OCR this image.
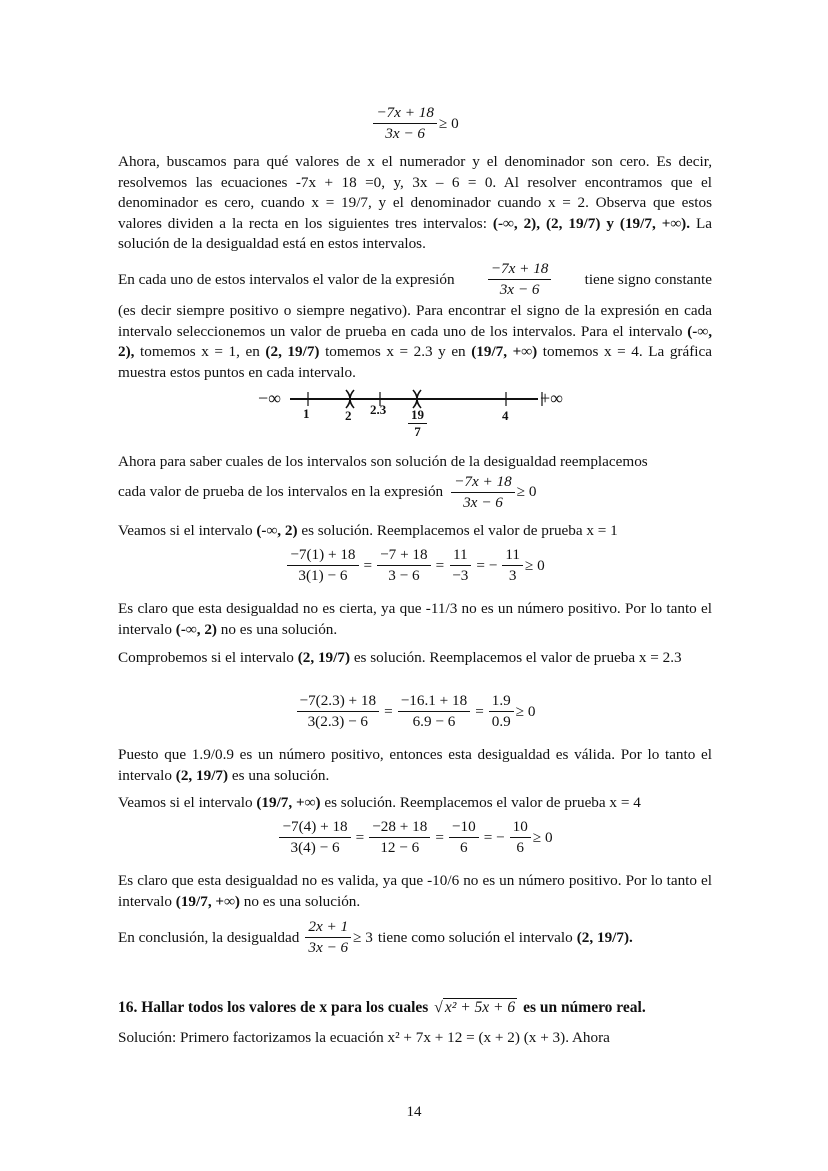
$\frac{-7x + 18}{3x - 6} \ge 0$

Ahora, buscamos para qué valores de x el numerador y el denominador son cero. Es decir, resolvemos las ecuaciones -7x + 18 =0, y, 3x – 6 = 0. Al resolver encontramos que el denominador es cero, cuando x = 19/7, y el denominador cuando x = 2. Observa que estos valores dividen a la recta en los siguientes tres intervalos: (-∞, 2), (2, 19/7) y (19/7, +∞). La solución de la desigualdad está en estos intervalos.

En cada uno de estos intervalos el valor de la expresión $\frac{-7x + 18}{3x - 6}$ tiene signo constante

(es decir siempre positivo o siempre negativo). Para encontrar el signo de la expresión en cada intervalo seleccionemos un valor de prueba en cada uno de los intervalos. Para el intervalo (-∞, 2), tomemos x = 1, en (2, 19/7) tomemos x = 2.3 y en (19/7, +∞) tomemos x = 4. La gráfica muestra estos puntos en cada intervalo.

−∞	+∞
1	2 $2.3 \frac{19}{7}$	4

Ahora para saber cuales de los intervalos son solución de la desigualdad reemplacemos

cada valor de prueba de los intervalos en la expresión $\frac{-7x + 18}{3x - 6} \ge 0$

Veamos si el intervalo (-∞, 2) es solución. Reemplacemos el valor de prueba x = 1

$\frac{-7(1) + 18}{3(1) - 6} = \frac{-7 + 18}{3 - 6} = \frac{11}{-3}$ = − $\frac{11}{3} \ge 0$

Es claro que esta desigualdad no es cierta, ya que -11/3 no es un número positivo. Por lo tanto el intervalo (-∞, 2) no es una solución.

Comprobemos si el intervalo (2, 19/7) es solución. Reemplacemos el valor de prueba x = 2.3

$\frac{-7(2.3) + 18}{3(2.3) - 6} = \frac{-16.1 + 18}{6.9 - 6} = \frac{1.9}{0.9} \ge 0$

Puesto que 1.9/0.9 es un número positivo, entonces esta desigualdad es válida. Por lo tanto el intervalo (2, 19/7) es una solución.

Veamos si el intervalo (19/7, +∞) es solución. Reemplacemos el valor de prueba x = 4

$\frac{-7(4) + 18}{3(4) - 6} = \frac{-28 + 18}{12 - 6} = \frac{-10}{6}$ = − $\frac{10}{6} \ge 0$

Es claro que esta desigualdad no es valida, ya que -10/6 no es un número positivo. Por lo tanto el intervalo (19/7, +∞) no es una solución.

En conclusión, la desigualdad $\frac{2x + 1}{3x - 6} \ge 3$ tiene como solución el intervalo (2, 19/7).
16. Hallar todos los valores de x para los cuales √ x² + 5x + 6 es un número real.

Solución: Primero factorizamos la ecuación x² + 7x + 12 = (x + 2) (x + 3). Ahora

14
